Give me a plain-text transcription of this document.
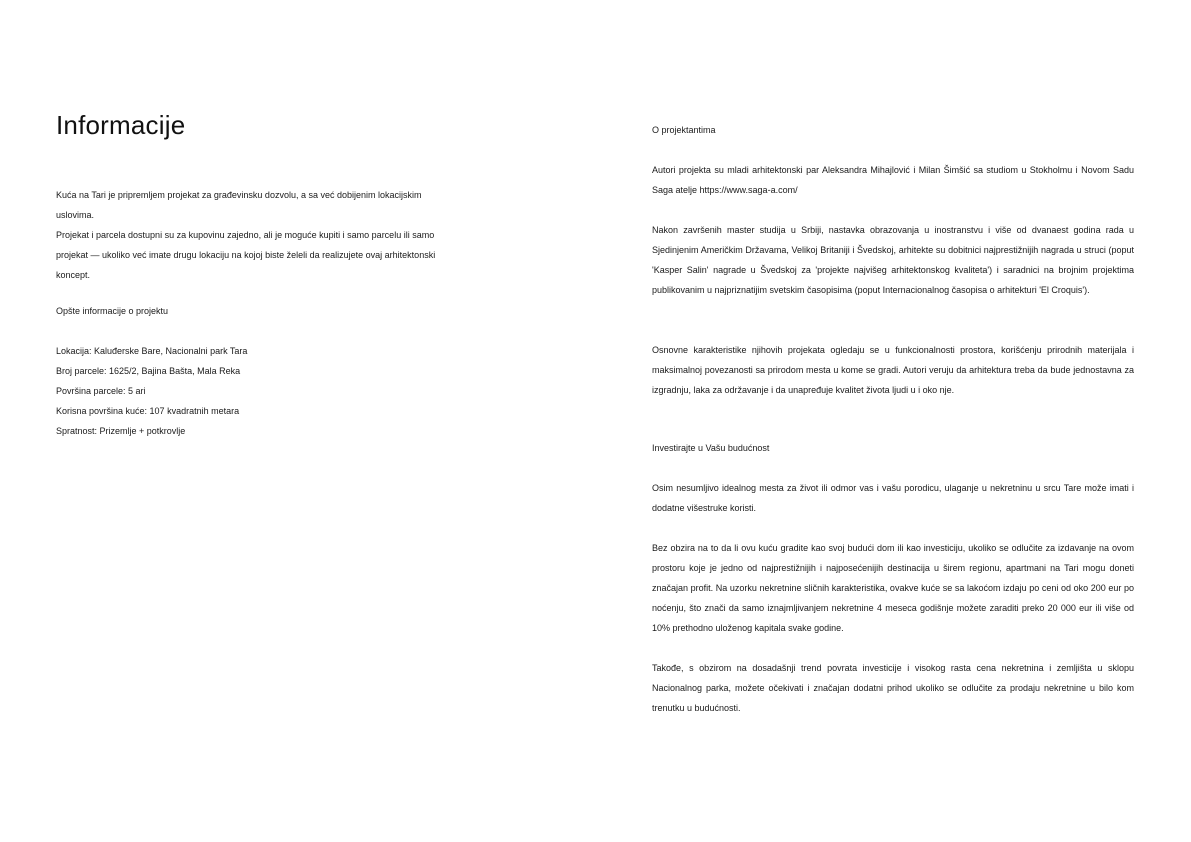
Informacije

Kuća na Tari je pripremljem projekat za građevinsku dozvolu, a sa već dobijenim lokacijskim uslovima.

Projekat i parcela dostupni su za kupovinu zajedno, ali je moguće kupiti i samo parcelu ili samo projekat — ukoliko već imate drugu lokaciju na kojoj biste želeli da realizujete ovaj arhitektonski koncept.

Opšte informacije o projektu

Lokacija: Kaluđerske Bare, Nacionalni park Tara

Broj parcele: 1625/2, Bajina Bašta, Mala Reka

Površina parcele: 5 ari

Korisna površina kuće: 107 kvadratnih metara

Spratnost: Prizemlje + potkrovlje

O projektantima

Autori projekta su mladi arhitektonski par Aleksandra Mihajlović i Milan Šimšić sa studiom u Stokholmu i Novom Sadu Saga atelje https://www.saga-a.com/

Nakon završenih master studija u Srbiji, nastavka obrazovanja u inostranstvu i više od dvanaest godina rada u Sjedinjenim Američkim Državama, Velikoj Britaniji i Švedskoj, arhitekte su dobitnici najprestižnijih nagrada u struci (poput 'Kasper Salin' nagrade u Švedskoj za 'projekte najvišeg arhitektonskog kvaliteta') i saradnici na brojnim projektima publikovanim u najpriznatijim svetskim časopisima (poput Internacionalnog časopisa o arhitekturi 'El Croquis').

Osnovne karakteristike njihovih projekata ogledaju se u funkcionalnosti prostora, korišćenju prirodnih materijala i maksimalnoj povezanosti sa prirodom mesta u kome se gradi. Autori veruju da arhitektura treba da bude jednostavna za izgradnju, laka za održavanje i da unapređuje kvalitet života ljudi u i oko nje.

Investirajte u Vašu budućnost

Osim nesumljivo idealnog mesta za život ili odmor vas i vašu porodicu, ulaganje u nekretninu u srcu Tare može imati i dodatne višestruke koristi.

Bez obzira na to da li ovu kuću gradite kao svoj budući dom ili kao investiciju, ukoliko se odlučite za izdavanje na ovom prostoru koje je jedno od najprestižnijih i najposećenijih destinacija u širem regionu, apartmani na Tari mogu doneti značajan profit. Na uzorku nekretnine sličnih karakteristika, ovakve kuće se sa lakoćom izdaju po ceni od oko 200 eur po noćenju, što znači da samo iznajmljivanjem nekretnine 4 meseca godišnje možete zaraditi preko 20 000 eur ili više od 10% prethodno uloženog kapitala svake godine.

Takođe, s obzirom na dosadašnji trend povrata investicije i visokog rasta cena nekretnina i zemljišta u sklopu Nacionalnog parka, možete očekivati i značajan dodatni prihod ukoliko se odlučite za prodaju nekretnine u bilo kom trenutku u budućnosti.
